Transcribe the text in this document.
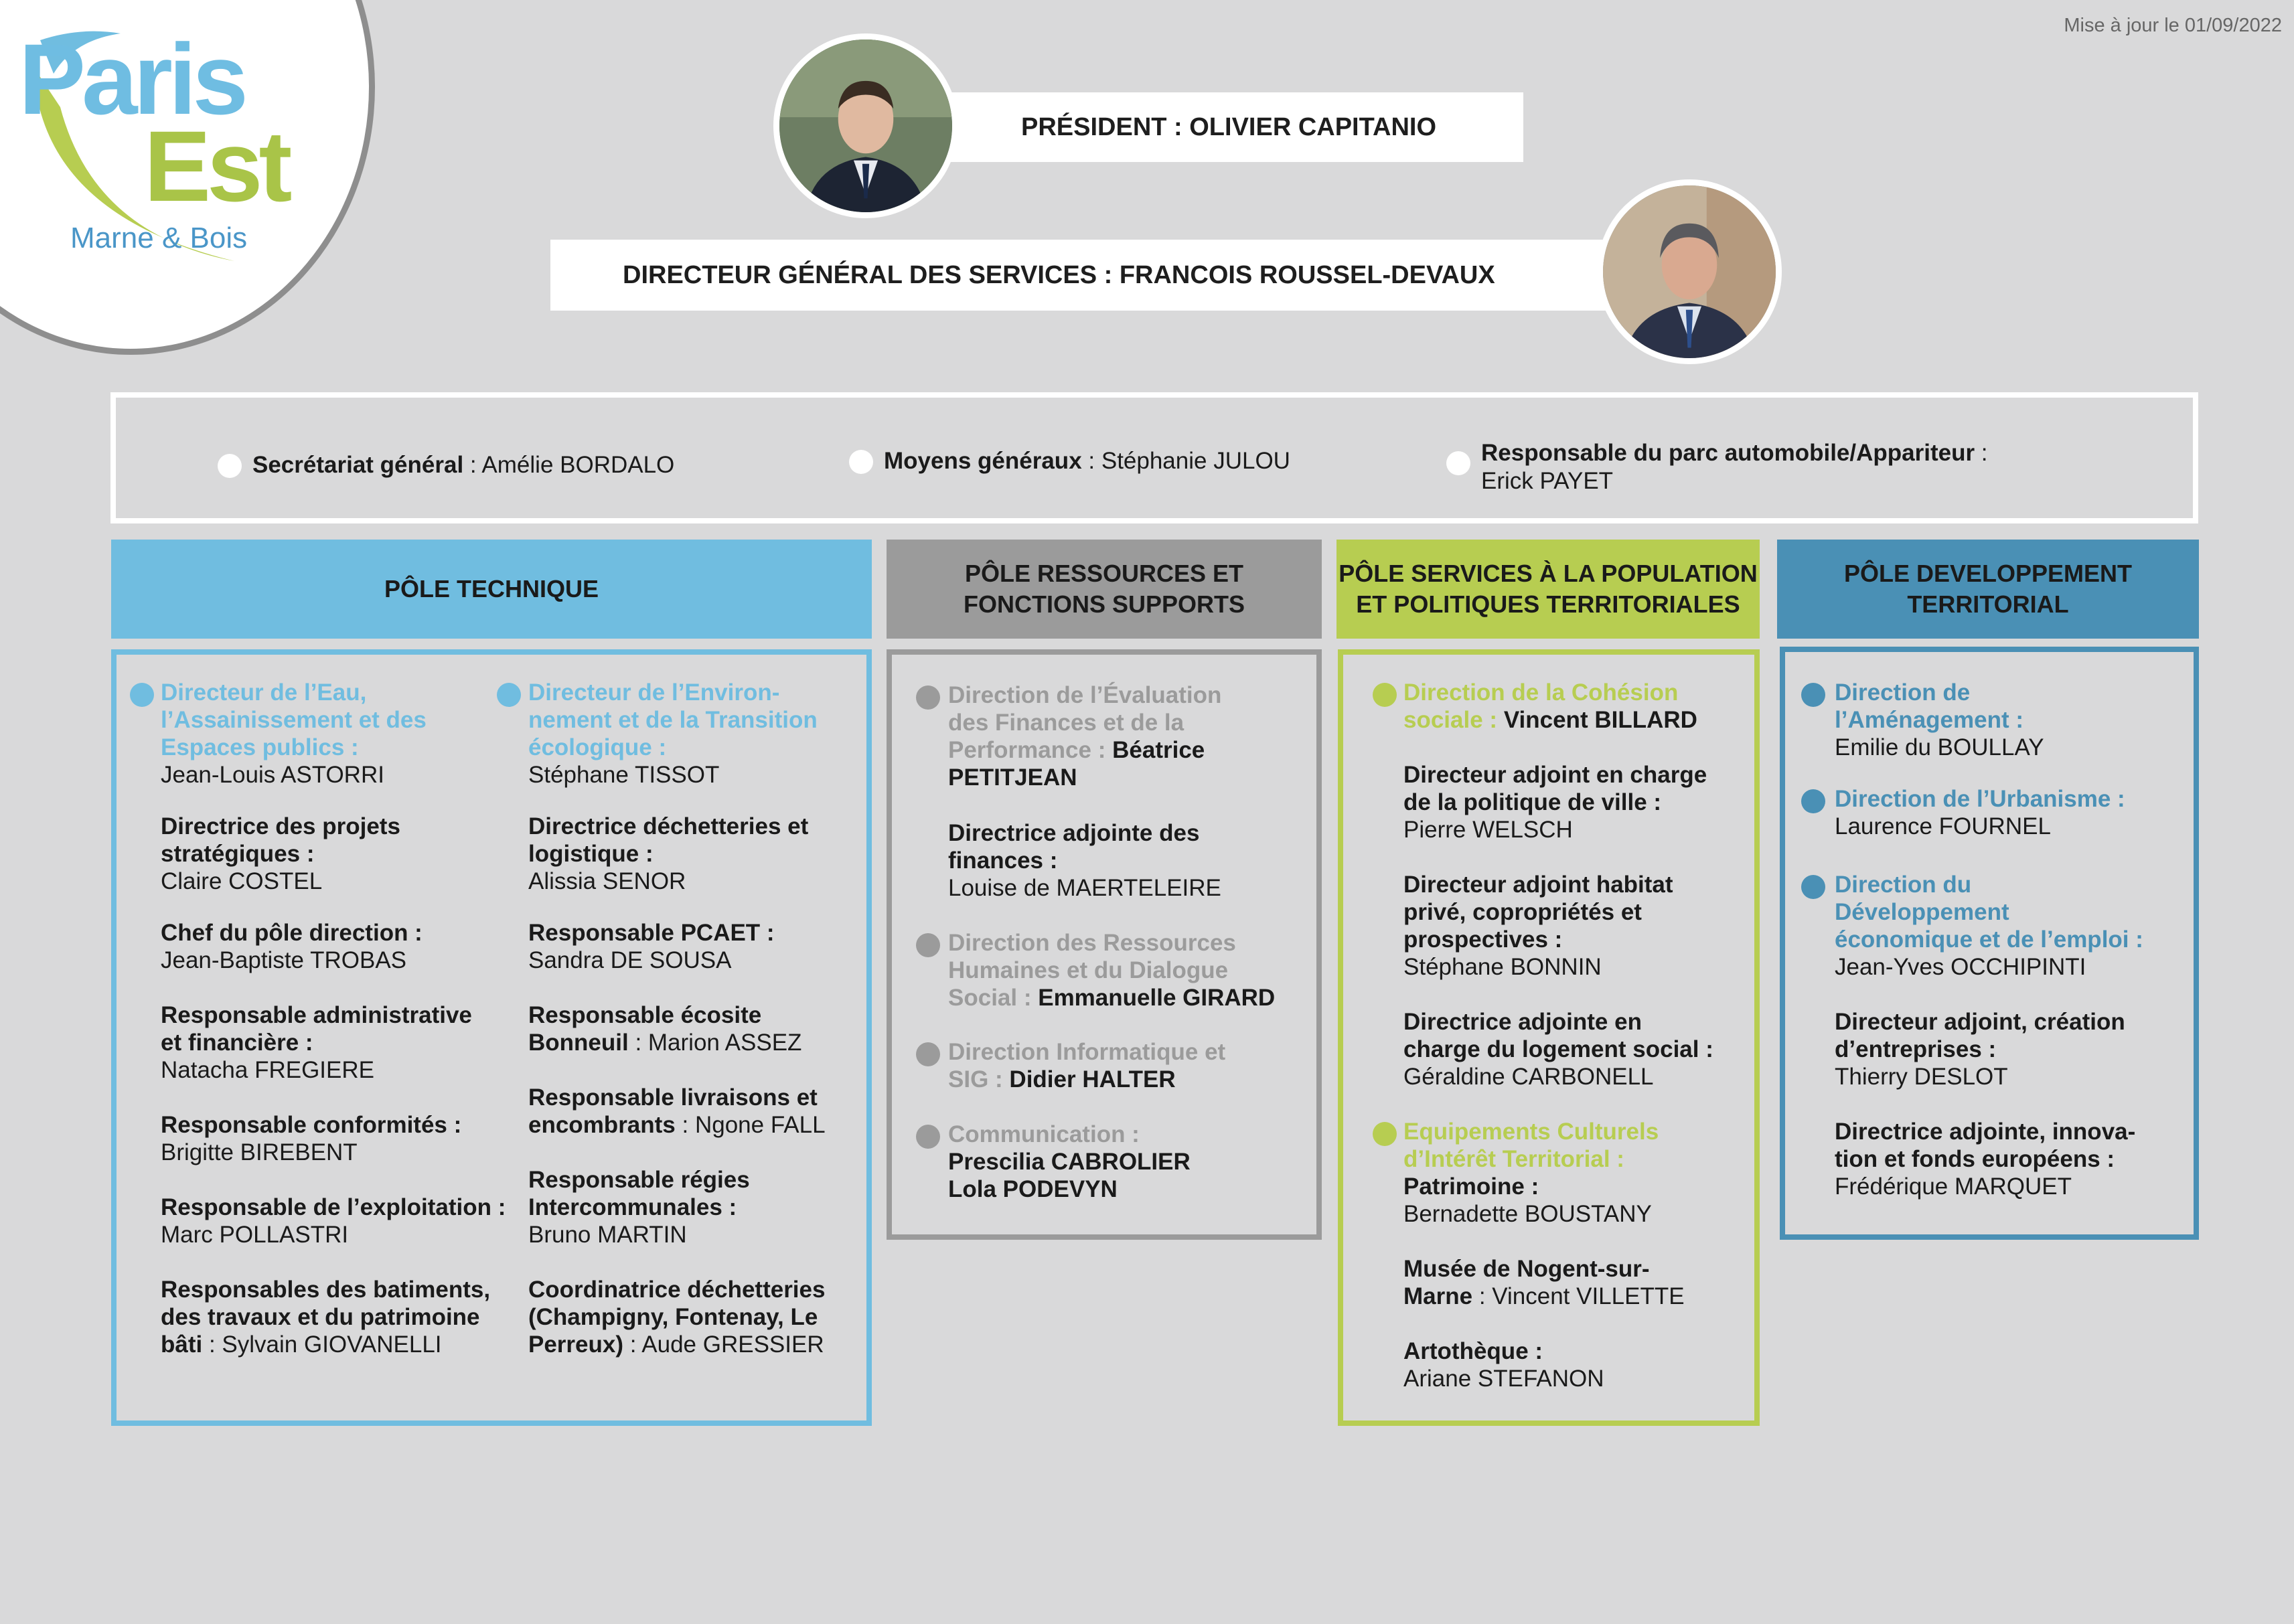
Paris
Est
Marne & Bois
Mise à jour le 01/09/2022
PRÉSIDENT : OLIVIER CAPITANIO
DIRECTEUR GÉNÉRAL DES SERVICES : FRANCOIS ROUSSEL-DEVAUX
Secrétariat général : Amélie BORDALO	Moyens généraux : Stéphanie JULOU	Responsable du parc automobile/Appariteur :
Erick PAYET
PÔLE TECHNIQUE
PÔLE RESSOURCES ET
FONCTIONS SUPPORTS
PÔLE SERVICES À LA POPULATION
ET POLITIQUES TERRITORIALES
PÔLE DEVELOPPEMENT
TERRITORIAL
Directeur de l’Eau,
l’Assainissement et des
Espaces publics :
Jean-Louis ASTORRI
Directrice des projets
stratégiques :
Claire COSTEL
Chef du pôle direction :
Jean-Baptiste TROBAS
Responsable administrative
et financière :
Natacha FREGIERE
Responsable conformités :
Brigitte BIREBENT
Responsable de l’exploitation :
Marc POLLASTRI
Responsables des batiments,
des travaux et du patrimoine
bâti : Sylvain GIOVANELLI
Directeur de l’Environ-
nement et de la Transition
écologique :
Stéphane TISSOT
Directrice déchetteries et
logistique :
Alissia SENOR
Responsable PCAET :
Sandra DE SOUSA
Responsable écosite
Bonneuil : Marion ASSEZ
Responsable livraisons et
encombrants : Ngone FALL
Responsable régies
Intercommunales :
Bruno MARTIN
Coordinatrice déchetteries
(Champigny, Fontenay, Le
Perreux) : Aude GRESSIER
Direction de l’Évaluation
des Finances et de la
Performance : Béatrice
PETITJEAN
Directrice adjointe des
finances :
Louise de MAERTELEIRE
Direction des Ressources
Humaines et du Dialogue
Social : Emmanuelle GIRARD
Direction Informatique et
SIG : Didier HALTER
Communication :
Prescilia CABROLIER
Lola PODEVYN
Direction de la Cohésion
sociale : Vincent BILLARD
Directeur adjoint en charge
de la politique de ville :
Pierre WELSCH
Directeur adjoint habitat
privé, copropriétés et
prospectives :
Stéphane BONNIN
Directrice adjointe en
charge du logement social :
Géraldine CARBONELL
Equipements Culturels
d’Intérêt Territorial :
Patrimoine :
Bernadette BOUSTANY
Musée de Nogent-sur-
Marne : Vincent VILLETTE
Artothèque :
Ariane STEFANON
Direction de
l’Aménagement :
Emilie du BOULLAY
Direction de l’Urbanisme :
Laurence FOURNEL
Direction du
Développement
économique et de l’emploi :
Jean-Yves OCCHIPINTI
Directeur adjoint, création
d’entreprises :
Thierry DESLOT
Directrice adjointe, innova-
tion et fonds européens :
Frédérique MARQUET
